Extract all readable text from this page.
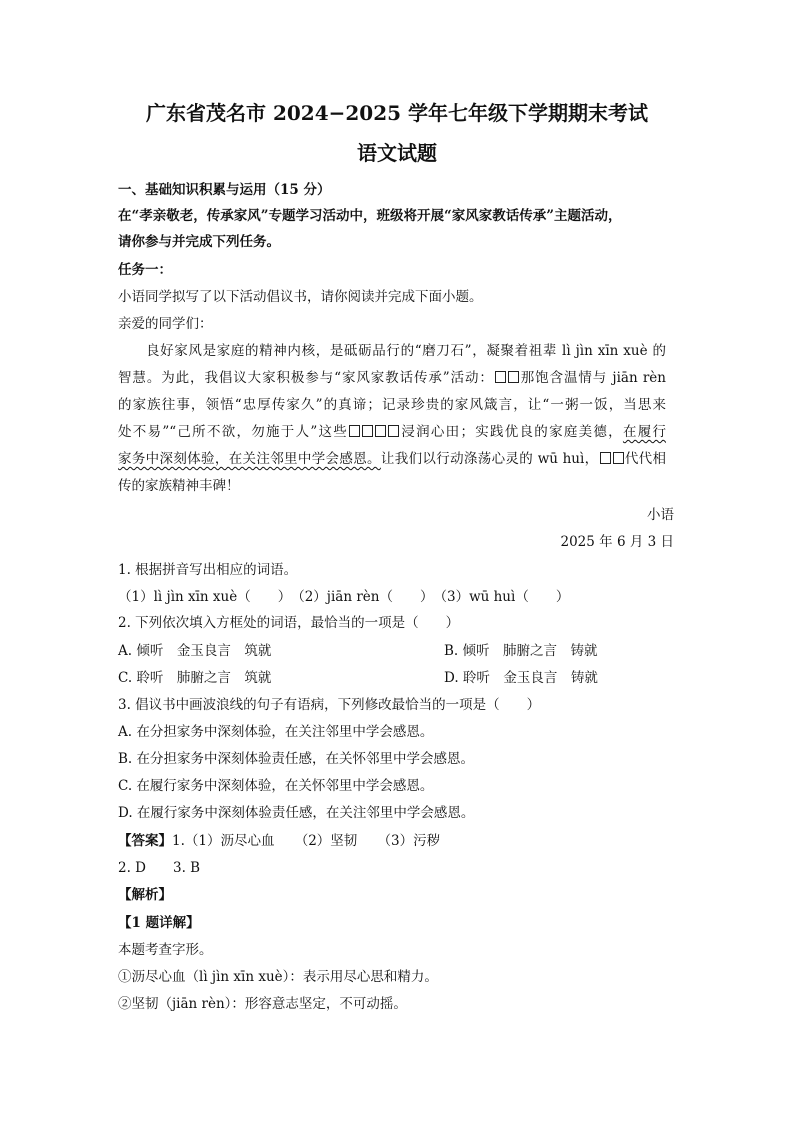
广东省茂名市 2024−2025 学年七年级下学期期末考试
语文试题
一、基础知识积累与运用（15 分）
在“孝亲敬老，传承家风”专题学习活动中，班级将开展“家风家教话传承”主题活动，
请你参与并完成下列任务。
任务一：
小语同学拟写了以下活动倡议书，请你阅读并完成下面小题。
亲爱的同学们：
良好家风是家庭的精神内核，是砥砺品行的“磨刀石”，凝聚着祖辈 lì jìn xīn xuè 的
智慧。为此，我倡议大家积极参与“家风家教话传承”活动： 那饱含温情与 jiān rèn
的家族往事，领悟“忠厚传家久”的真谛；记录珍贵的家风箴言，让“一粥一饭，当思来
处不易”“己所不欲，勿施于人”这些	浸润心田；实践优良的家庭美德，在履行
家务中深刻体验，在关注邻里中学会感恩。让我们以行动涤荡心灵的 wū huì， 代代相
传的家族精神丰碑！
小语
2025 年 6 月 3 日
1. 根据拼音写出相应的词语。
（1）lì jìn xīn xuè（　　）　（2）jiān rèn（　　）　（3）wū huì（　　）
2. 下列依次填入方框处的词语，最恰当的一项是（　　）
A. 倾听　金玉良言　筑就	B. 倾听　肺腑之言　铸就
C. 聆听　肺腑之言　筑就	D. 聆听　金玉良言　铸就
3. 倡议书中画波浪线的句子有语病，下列修改最恰当的一项是（　　）
A. 在分担家务中深刻体验，在关注邻里中学会感恩。
B. 在分担家务中深刻体验责任感，在关怀邻里中学会感恩。
C. 在履行家务中深刻体验，在关怀邻里中学会感恩。
D. 在履行家务中深刻体验责任感，在关注邻里中学会感恩。
【答案】1.（1）沥尽心血　　（2）坚韧　　（3）污秽
2. D　　3. B
【解析】
【1 题详解】
本题考查字形。
①沥尽心血（lì jìn xīn xuè）：表示用尽心思和精力。
②坚韧（jiān rèn）：形容意志坚定，不可动摇。
